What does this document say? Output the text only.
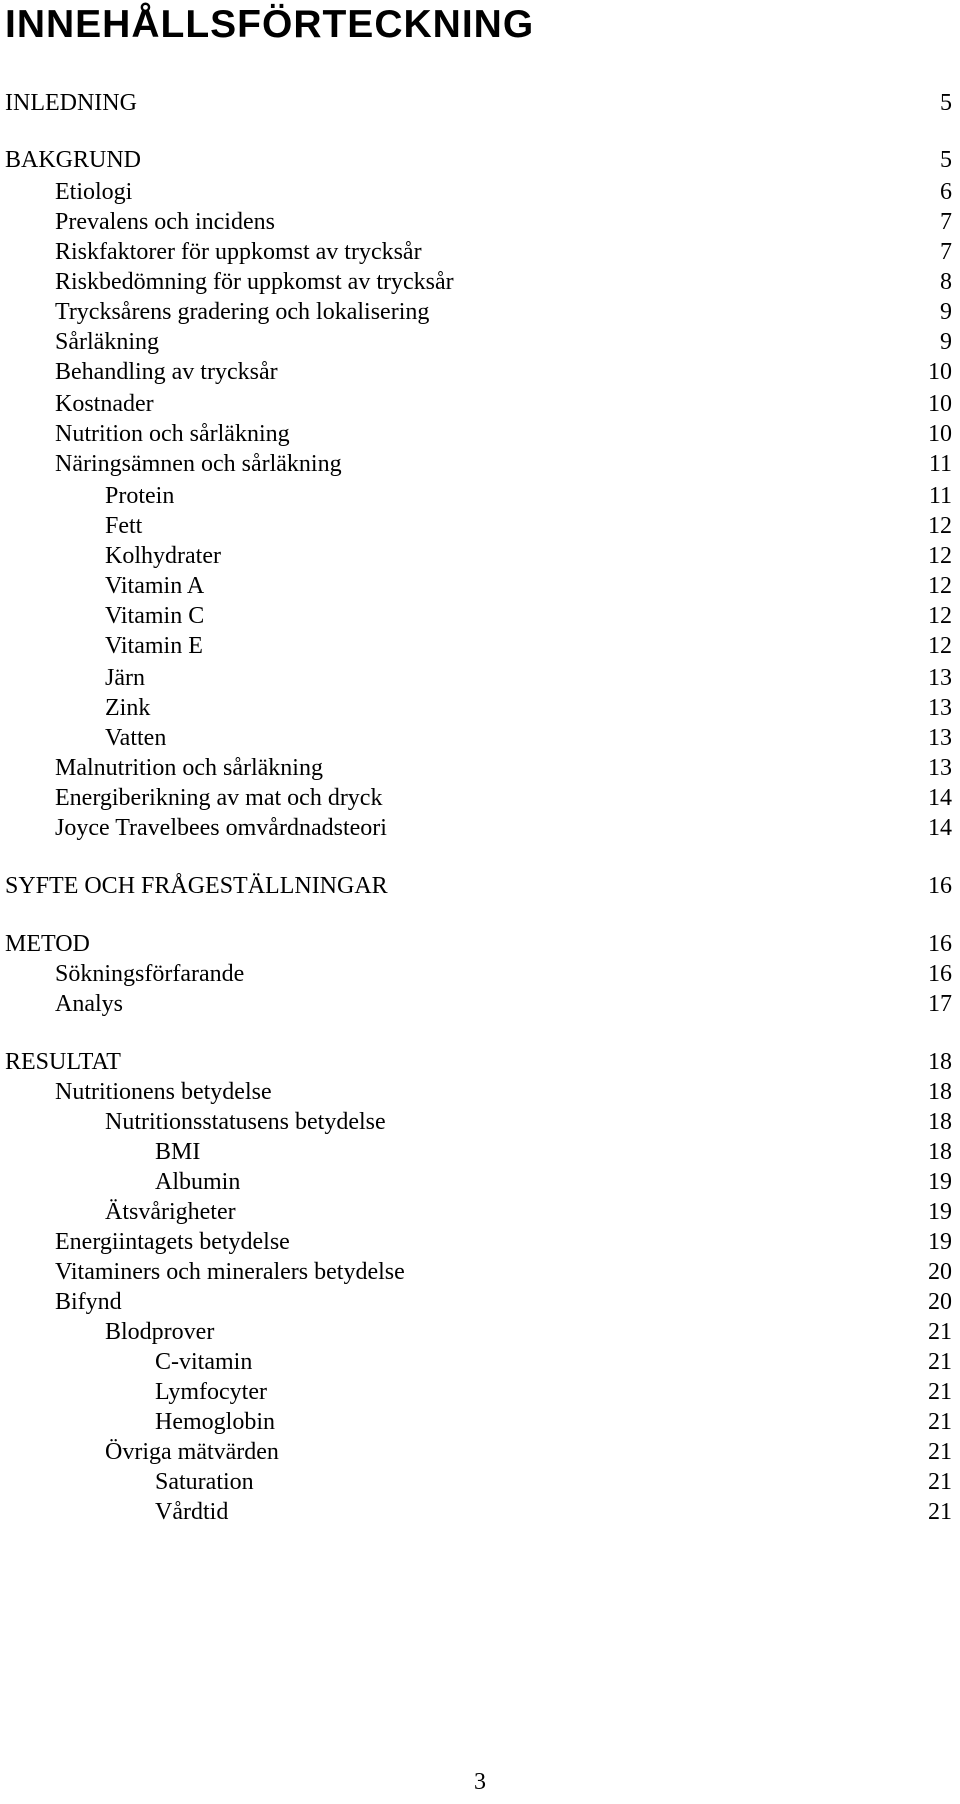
INNEHÅLLSFÖRTECKNING
INLEDNING	5
BAKGRUND	5
Etiologi	6
Prevalens och incidens	7
Riskfaktorer för uppkomst av trycksår	7
Riskbedömning för uppkomst av trycksår	8
Trycksårens gradering och lokalisering	9
Sårläkning	9
Behandling av trycksår	10
Kostnader	10
Nutrition och sårläkning	10
Näringsämnen och sårläkning	11
Protein	11
Fett	12
Kolhydrater	12
Vitamin A	12
Vitamin C	12
Vitamin E	12
Järn	13
Zink	13
Vatten	13
Malnutrition och sårläkning	13
Energiberikning av mat och dryck	14
Joyce Travelbees omvårdnadsteori	14
SYFTE OCH FRÅGESTÄLLNINGAR	16
METOD	16
Sökningsförfarande	16
Analys	17
RESULTAT	18
Nutritionens betydelse	18
Nutritionsstatusens betydelse	18
BMI	18
Albumin	19
Ätsvårigheter	19
Energiintagets betydelse	19
Vitaminers och mineralers betydelse	20
Bifynd	20
Blodprover	21
C-vitamin	21
Lymfocyter	21
Hemoglobin	21
Övriga mätvärden	21
Saturation	21
Vårdtid	21
3
